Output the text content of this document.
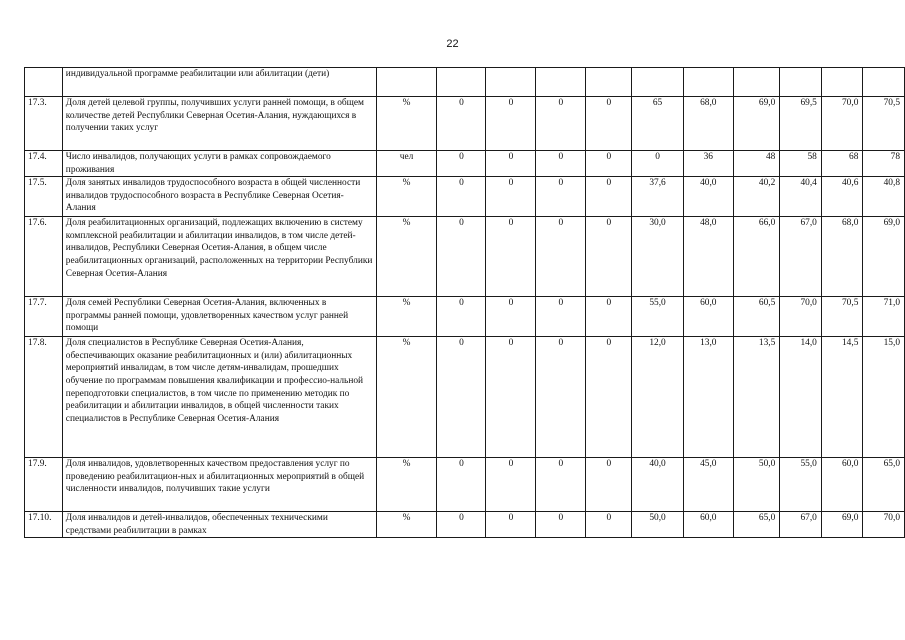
22
	индивидуальной программе реабилитации или абилитации (дети)											
17.3.	Доля детей целевой группы, получивших услуги ранней помощи, в общем количестве детей Республики Северная Осетия-Алания, нуждающихся в получении таких услуг	%	0	0	0	0	65	68,0	69,0	69,5	70,0	70,5
17.4.	Число инвалидов, получающих услуги в рамках сопровождаемого проживания	чел	0	0	0	0	0	36	48	58	68	78
17.5.	Доля занятых инвалидов трудоспособного возраста в общей численности инвалидов трудоспособного возраста в Республике Северная Осетия-Алания	%	0	0	0	0	37,6	40,0	40,2	40,4	40,6	40,8
17.6.	Доля реабилитационных организаций, подлежащих включению в систему комплексной реабилитации и абилитации инвалидов, в том числе детей-инвалидов, Республики Северная Осетия-Алания, в общем числе реабилитационных организаций, расположенных на территории Республики Северная Осетия-Алания	%	0	0	0	0	30,0	48,0	66,0	67,0	68,0	69,0
17.7.	Доля семей Республики Северная Осетия-Алания, включенных в программы ранней помощи, удовлетворенных качеством услуг ранней помощи	%	0	0	0	0	55,0	60,0	60,5	70,0	70,5	71,0
17.8.	Доля специалистов в Республике Северная Осетия-Алания, обеспечивающих оказание реабилитационных и (или) абилитационных мероприятий инвалидам, в том числе детям-инвалидам, прошедших обучение по программам повышения квалификации и профессио-нальной переподготовки специалистов, в том числе по применению методик по реабилитации и абилитации инвалидов, в общей численности таких специалистов в Республике Северная Осетия-Алания	%	0	0	0	0	12,0	13,0	13,5	14,0	14,5	15,0
17.9.	Доля инвалидов, удовлетворенных качеством предоставления услуг по проведению реабилитацион-ных и абилитационных мероприятий в общей численности инвалидов, получивших такие услуги	%	0	0	0	0	40,0	45,0	50,0	55,0	60,0	65,0
17.10.	Доля инвалидов и детей-инвалидов, обеспеченных техническими средствами реабилитации в рамках	%	0	0	0	0	50,0	60,0	65,0	67,0	69,0	70,0
